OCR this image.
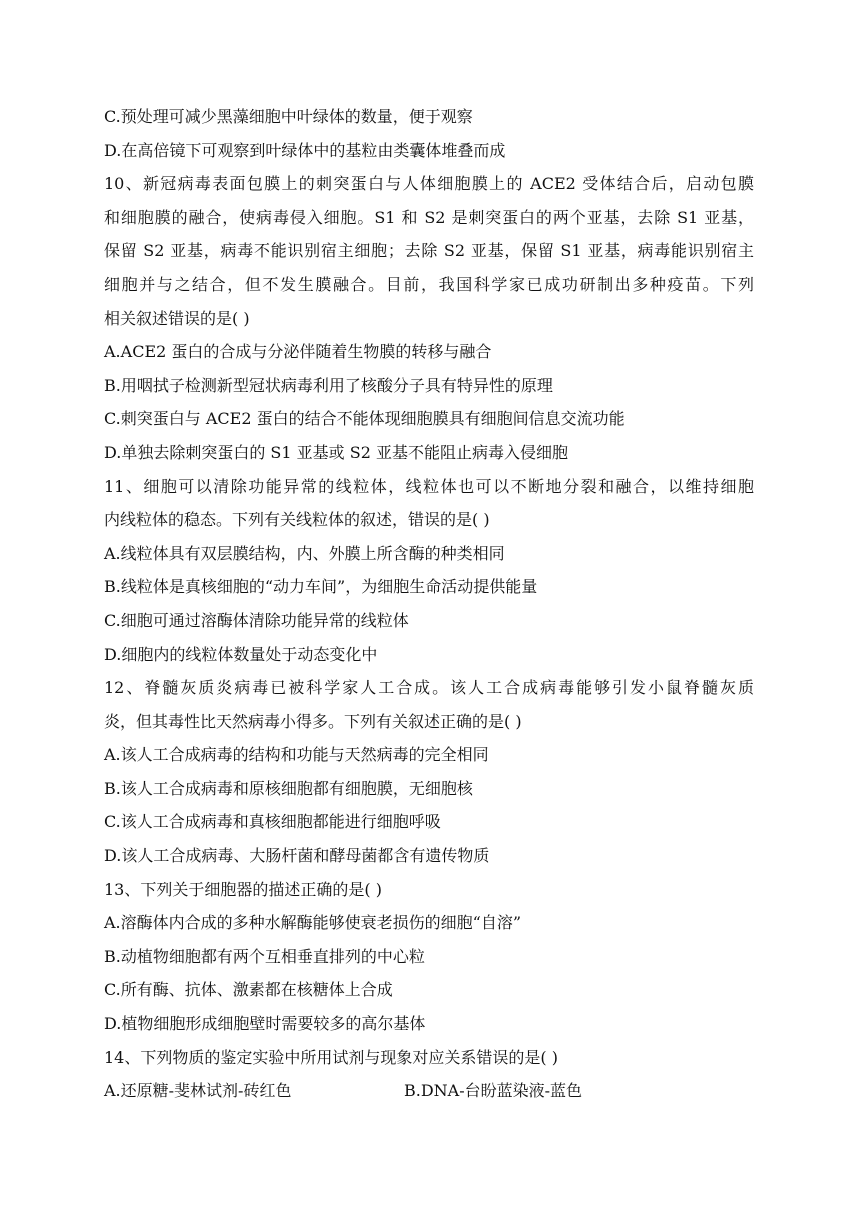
C.预处理可减少黑藻细胞中叶绿体的数量，便于观察
D.在高倍镜下可观察到叶绿体中的基粒由类囊体堆叠而成
10、新冠病毒表面包膜上的刺突蛋白与人体细胞膜上的 ACE2 受体结合后，启动包膜
和细胞膜的融合，使病毒侵入细胞。S1 和 S2 是刺突蛋白的两个亚基，去除 S1 亚基，
保留 S2 亚基，病毒不能识别宿主细胞；去除 S2 亚基，保留 S1 亚基，病毒能识别宿主
细胞并与之结合，但不发生膜融合。目前，我国科学家已成功研制出多种疫苗。下列
相关叙述错误的是( )
A.ACE2 蛋白的合成与分泌伴随着生物膜的转移与融合
B.用咽拭子检测新型冠状病毒利用了核酸分子具有特异性的原理
C.刺突蛋白与 ACE2 蛋白的结合不能体现细胞膜具有细胞间信息交流功能
D.单独去除刺突蛋白的 S1 亚基或 S2 亚基不能阻止病毒入侵细胞
11、细胞可以清除功能异常的线粒体，线粒体也可以不断地分裂和融合，以维持细胞
内线粒体的稳态。下列有关线粒体的叙述，错误的是( )
A.线粒体具有双层膜结构，内、外膜上所含酶的种类相同
B.线粒体是真核细胞的“动力车间”，为细胞生命活动提供能量
C.细胞可通过溶酶体清除功能异常的线粒体
D.细胞内的线粒体数量处于动态变化中
12、脊髓灰质炎病毒已被科学家人工合成。该人工合成病毒能够引发小鼠脊髓灰质
炎，但其毒性比天然病毒小得多。下列有关叙述正确的是( )
A.该人工合成病毒的结构和功能与天然病毒的完全相同
B.该人工合成病毒和原核细胞都有细胞膜，无细胞核
C.该人工合成病毒和真核细胞都能进行细胞呼吸
D.该人工合成病毒、大肠杆菌和酵母菌都含有遗传物质
13、下列关于细胞器的描述正确的是( )
A.溶酶体内合成的多种水解酶能够使衰老损伤的细胞“自溶”
B.动植物细胞都有两个互相垂直排列的中心粒
C.所有酶、抗体、激素都在核糖体上合成
D.植物细胞形成细胞壁时需要较多的高尔基体
14、下列物质的鉴定实验中所用试剂与现象对应关系错误的是( )
A.还原糖-斐林试剂-砖红色	B.DNA-台盼蓝染液-蓝色
